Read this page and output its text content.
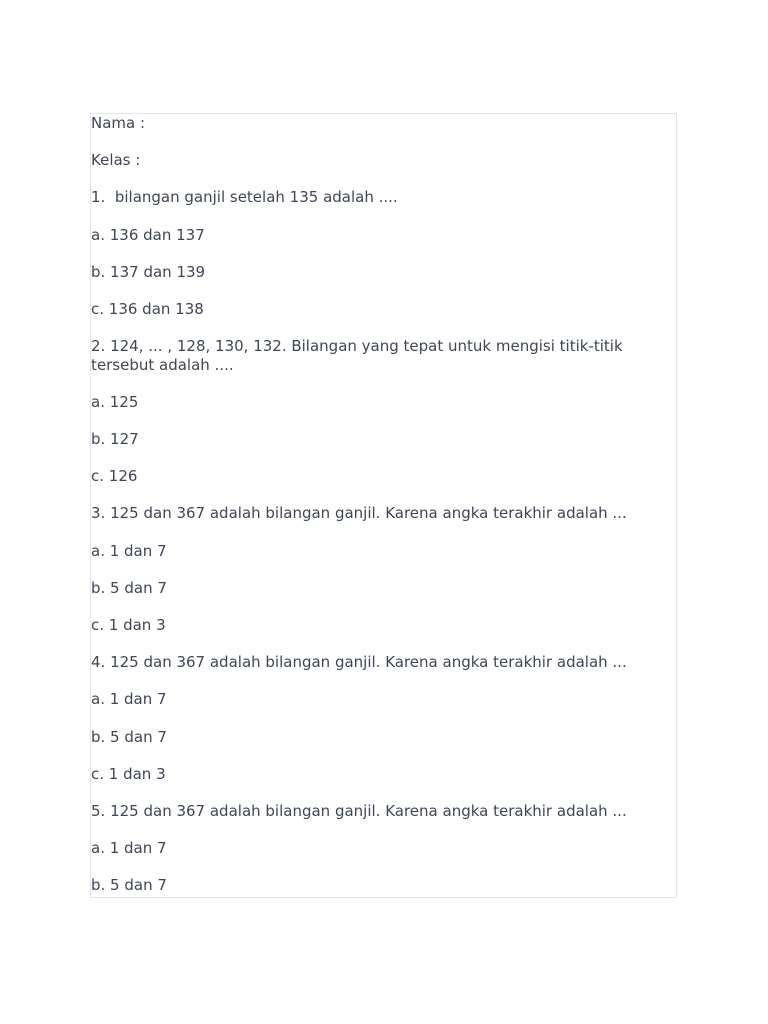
Nama :

Kelas :

1.  bilangan ganjil setelah 135 adalah ....

a. 136 dan 137

b. 137 dan 139

c. 136 dan 138

2. 124, ... , 128, 130, 132. Bilangan yang tepat untuk mengisi titik-titik tersebut adalah ....

a. 125

b. 127

c. 126

3. 125 dan 367 adalah bilangan ganjil. Karena angka terakhir adalah ...

a. 1 dan 7

b. 5 dan 7

c. 1 dan 3

4. 125 dan 367 adalah bilangan ganjil. Karena angka terakhir adalah ...

a. 1 dan 7

b. 5 dan 7

c. 1 dan 3

5. 125 dan 367 adalah bilangan ganjil. Karena angka terakhir adalah ...

a. 1 dan 7

b. 5 dan 7
